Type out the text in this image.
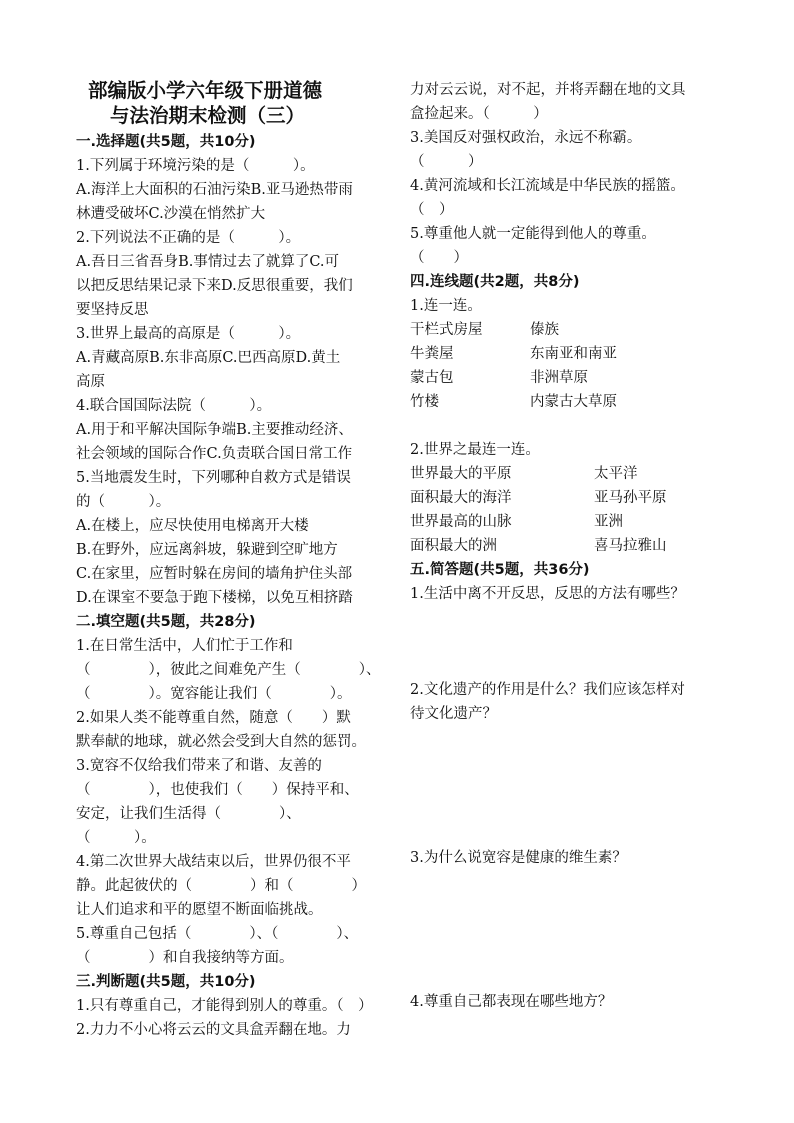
部编版小学六年级下册道德
与法治期末检测（三）
一.选择题(共5题，共10分)
1.下列属于环境污染的是（　　　）。
A.海洋上大面积的石油污染B.亚马逊热带雨
林遭受破坏C.沙漠在悄然扩大
2.下列说法不正确的是（　　　）。
A.吾日三省吾身B.事情过去了就算了C.可
以把反思结果记录下来D.反思很重要，我们
要坚持反思
3.世界上最高的高原是（　　　）。
A.青藏高原B.东非高原C.巴西高原D.黄土
高原
4.联合国国际法院（　　　）。
A.用于和平解决国际争端B.主要推动经济、
社会领域的国际合作C.负责联合国日常工作
5.当地震发生时，下列哪种自救方式是错误
的（　　　）。
A.在楼上，应尽快使用电梯离开大楼
B.在野外，应远离斜坡，躲避到空旷地方
C.在家里，应暂时躲在房间的墙角护住头部
D.在课室不要急于跑下楼梯，以免互相挤踏
二.填空题(共5题，共28分)
1.在日常生活中，人们忙于工作和
（　　　　），彼此之间难免产生（　　　　）、
（　　　　）。宽容能让我们（　　　　）。
2.如果人类不能尊重自然，随意（　　）默
默奉献的地球，就必然会受到大自然的惩罚。
3.宽容不仅给我们带来了和谐、友善的
（　　　　），也使我们（　　）保持平和、
安定，让我们生活得（　　　　）、
（　　　）。
4.第二次世界大战结束以后，世界仍很不平
静。此起彼伏的（　　　　）和（　　　　）
让人们追求和平的愿望不断面临挑战。
5.尊重自己包括（　　　　）、（　　　　）、
（　　　　）和自我接纳等方面。
三.判断题(共5题，共10分)
1.只有尊重自己，才能得到别人的尊重。（　）
2.力力不小心将云云的文具盒弄翻在地。力
力对云云说，对不起，并将弄翻在地的文具
盒捡起来。（　　　）
3.美国反对强权政治，永远不称霸。
（　　　）
4.黄河流域和长江流域是中华民族的摇篮。
（　）
5.尊重他人就一定能得到他人的尊重。
（　　）
四.连线题(共2题，共8分)
1.连一连。
干栏式房屋	傣族
牛粪屋	东南亚和南亚
蒙古包	非洲草原
竹楼	内蒙古大草原
2.世界之最连一连。
世界最大的平原	太平洋
面积最大的海洋	亚马孙平原
世界最高的山脉	亚洲
面积最大的洲	喜马拉雅山
五.简答题(共5题，共36分)
1.生活中离不开反思，反思的方法有哪些？
2.文化遗产的作用是什么？我们应该怎样对
待文化遗产？
3.为什么说宽容是健康的维生素？
4.尊重自己都表现在哪些地方？
